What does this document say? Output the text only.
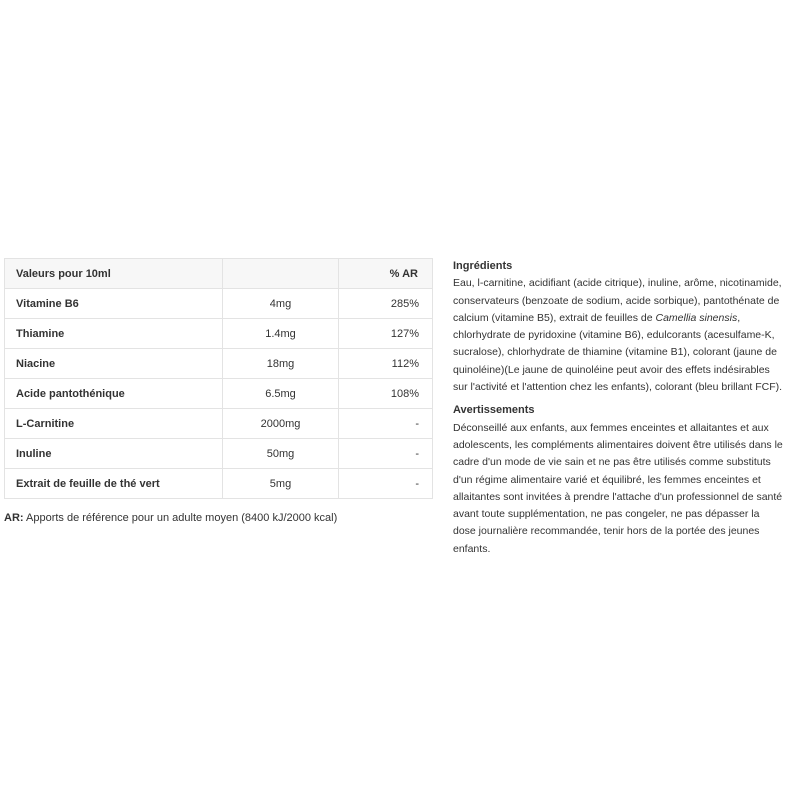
Valeurs pour 10ml		% AR
Vitamine B6	4mg	285%
Thiamine	1.4mg	127%
Niacine	18mg	112%
Acide pantothénique	6.5mg	108%
L-Carnitine	2000mg	-
Inuline	50mg	-
Extrait de feuille de thé vert	5mg	-
AR: Apports de référence pour un adulte moyen (8400 kJ/2000 kcal)
Ingrédients

Eau, l-carnitine, acidifiant (acide citrique), inuline, arôme, nicotinamide, conservateurs (benzoate de sodium, acide sorbique), pantothénate de calcium (vitamine B5), extrait de feuilles de Camellia sinensis, chlorhydrate de pyridoxine (vitamine B6), edulcorants (acesulfame-K, sucralose), chlorhydrate de thiamine (vitamine B1), colorant (jaune de quinoléine)(Le jaune de quinoléine peut avoir des effets indésirables sur l'activité et l'attention chez les enfants), colorant (bleu brillant FCF).

Avertissements

Déconseillé aux enfants, aux femmes enceintes et allaitantes et aux adolescents, les compléments alimentaires doivent être utilisés dans le cadre d'un mode de vie sain et ne pas être utilisés comme substituts d'un régime alimentaire varié et équilibré, les femmes enceintes et allaitantes sont invitées à prendre l'attache d'un professionnel de santé avant toute supplémentation, ne pas congeler, ne pas dépasser la dose journalière recommandée, tenir hors de la portée des jeunes enfants.
